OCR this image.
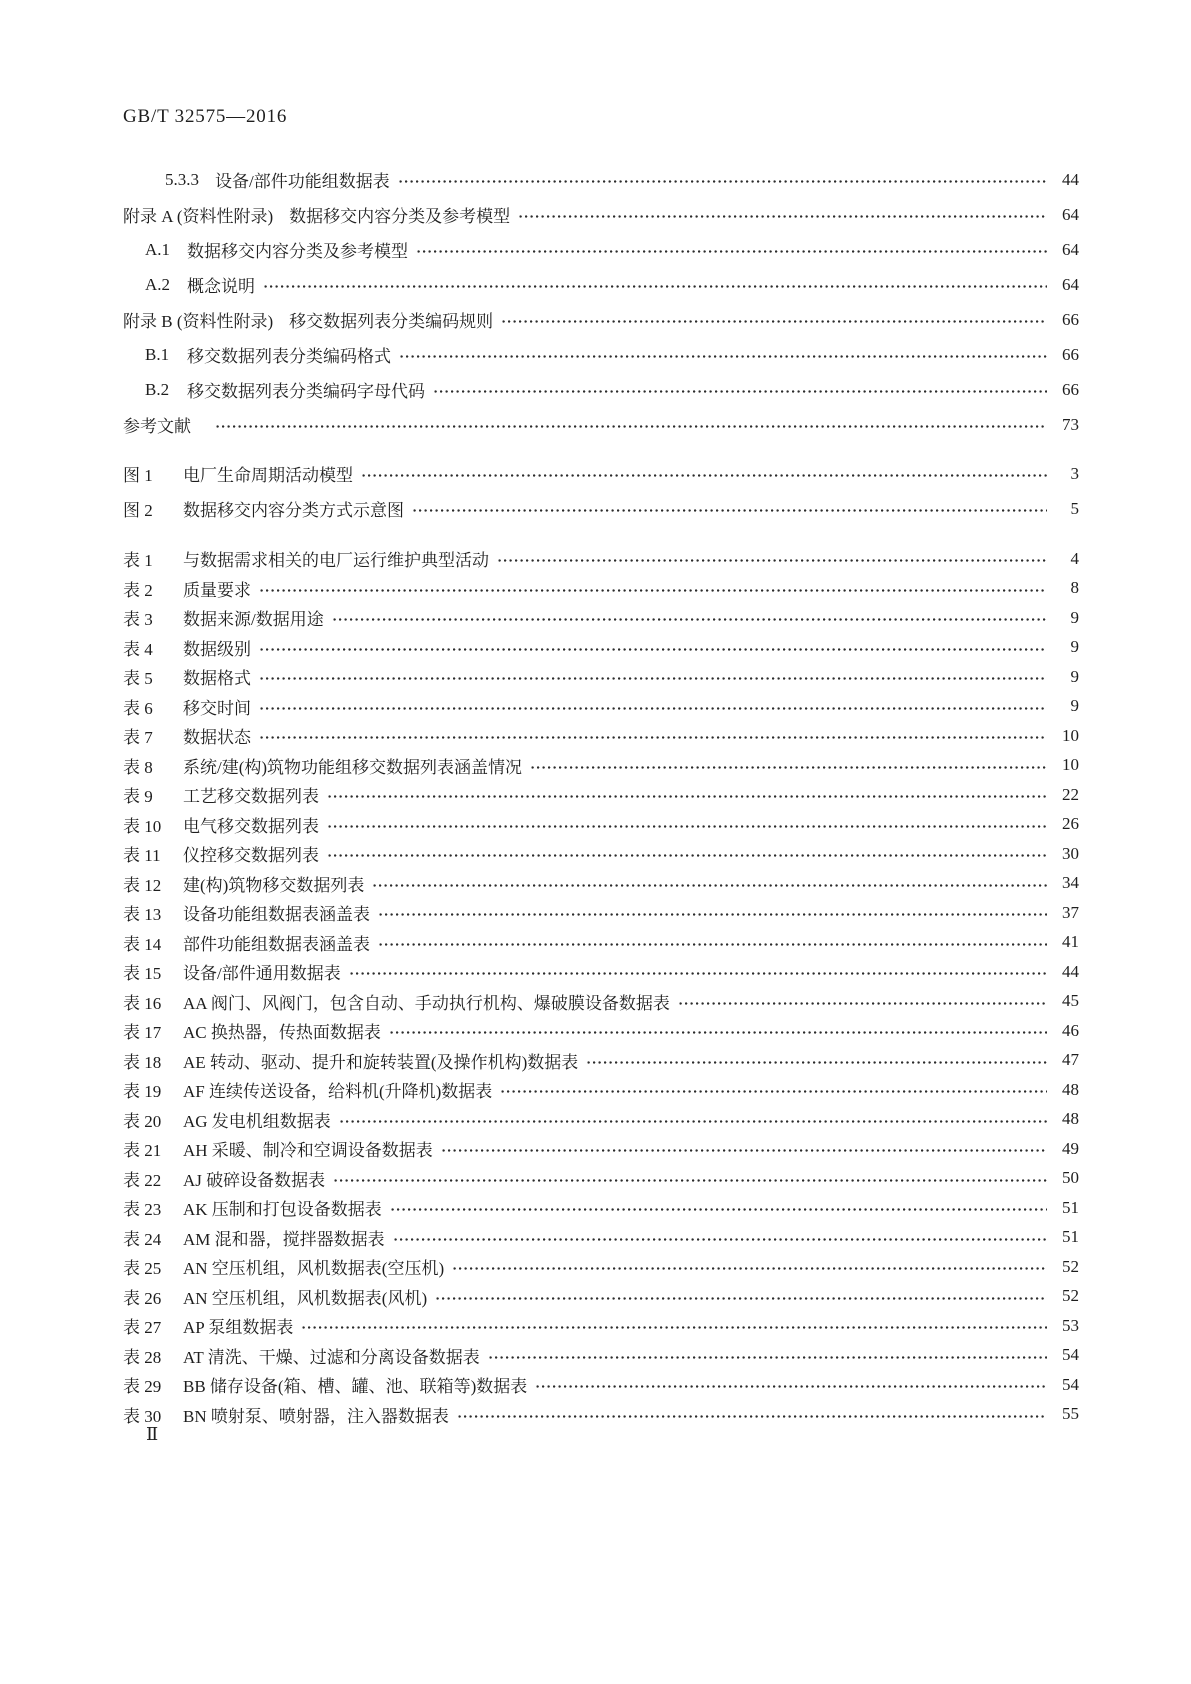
GB/T 32575—2016
5.3.3 设备/部件功能组数据表	44
附录 A (资料性附录) 数据移交内容分类及参考模型	64
A.1 数据移交内容分类及参考模型	64
A.2 概念说明	64
附录 B (资料性附录) 移交数据列表分类编码规则	66
B.1	移交数据列表分类编码格式	66
B.2	移交数据列表分类编码字母代码	66
参考文献	73
图 1	电厂生命周期活动模型	3
图 2	数据移交内容分类方式示意图	5
表 1	与数据需求相关的电厂运行维护典型活动	4
表 2	质量要求	8
表 3	数据来源/数据用途	9
表 4	数据级别	9
表 5	数据格式	9
表 6	移交时间	9
表 7	数据状态	10
表 8	系统/建(构)筑物功能组移交数据列表涵盖情况	10
表 9	工艺移交数据列表	22
表 10	电气移交数据列表	26
表 11	仪控移交数据列表	30
表 12	建(构)筑物移交数据列表	34
表 13	设备功能组数据表涵盖表	37
表 14	部件功能组数据表涵盖表	41
表 15	设备/部件通用数据表	44
表 16	AA 阀门、风阀门，包含自动、手动执行机构、爆破膜设备数据表	45
表 17	AC 换热器，传热面数据表	46
表 18	AE 转动、驱动、提升和旋转装置(及操作机构)数据表	47
表 19	AF 连续传送设备，给料机(升降机)数据表	48
表 20	AG 发电机组数据表	48
表 21	AH 采暖、制冷和空调设备数据表	49
表 22	AJ 破碎设备数据表	50
表 23	AK 压制和打包设备数据表	51
表 24	AM 混和器，搅拌器数据表	51
表 25	AN 空压机组，风机数据表(空压机)	52
表 26	AN 空压机组，风机数据表(风机)	52
表 27	AP 泵组数据表	53
表 28	AT 清洗、干燥、过滤和分离设备数据表	54
表 29	BB 储存设备(箱、槽、罐、池、联箱等)数据表	54
表 30	BN 喷射泵、喷射器，注入器数据表	55
Ⅱ
